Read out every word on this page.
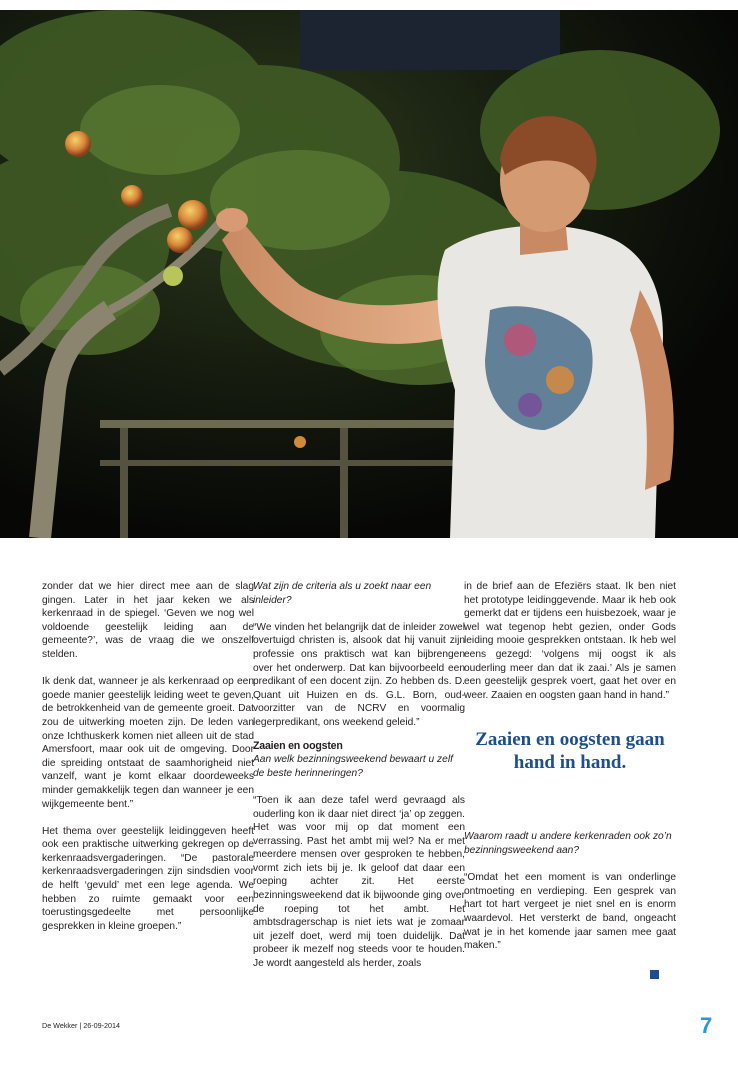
zonder dat we hier direct mee aan de slag gingen. Later in het jaar keken we als kerkenraad in de spiegel. ‘Geven we nog wel voldoende geestelijk leiding aan de gemeente?’, was de vraag die we onszelf stelden.

Ik denk dat, wanneer je als kerkenraad op een goede manier geestelijk leiding weet te geven, de betrokkenheid van de gemeente groeit. Dat zou de uitwerking moeten zijn. De leden van onze Ichthuskerk komen niet alleen uit de stad Amersfoort, maar ook uit de omgeving. Door die spreiding ontstaat de saamhorigheid niet vanzelf, want je komt elkaar doordeweeks minder gemakkelijk tegen dan wanneer je een wijkgemeente bent.”

Het thema over geestelijk leidinggeven heeft ook een praktische uitwerking gekregen op de kerkenraadsvergaderingen. “De pastorale kerkenraadsvergaderingen zijn sindsdien voor de helft ‘gevuld’ met een lege agenda. We hebben zo ruimte gemaakt voor een toerustingsgedeelte met persoonlijke gesprekken in kleine groepen.”

Wat zijn de criteria als u zoekt naar een inleider?

“We vinden het belangrijk dat de inleider zowel overtuigd christen is, alsook dat hij vanuit zijn professie ons praktisch wat kan bijbrengen over het onderwerp. Dat kan bijvoorbeeld een predikant of een docent zijn. Zo hebben ds. D. Quant uit Huizen en ds. G.L. Born, oud-voorzitter van de NCRV en voormalig legerpredikant, ons weekend geleid.”

Zaaien en oogsten

Aan welk bezinningsweekend bewaart u zelf de beste herinneringen?

“Toen ik aan deze tafel werd gevraagd als ouderling kon ik daar niet direct ‘ja’ op zeggen. Het was voor mij op dat moment een verrassing. Past het ambt mij wel? Na er met meerdere mensen over gesproken te hebben, vormt zich iets bij je. Ik geloof dat daar een roeping achter zit. Het eerste bezinningsweekend dat ik bijwoonde ging over de roeping tot het ambt. Het ambtsdragerschap is niet iets wat je zomaar uit jezelf doet, werd mij toen duidelijk. Dat probeer ik mezelf nog steeds voor te houden. Je wordt aangesteld als herder, zoals

in de brief aan de Efeziërs staat. Ik ben niet het prototype leidinggevende. Maar ik heb ook gemerkt dat er tijdens een huisbezoek, waar je wel wat tegenop hebt gezien, onder Gods leiding mooie gesprekken ontstaan. Ik heb wel eens gezegd: ‘volgens mij oogst ik als ouderling meer dan dat ik zaai.’ Als je samen een geestelijk gesprek voert, gaat het over en weer. Zaaien en oogsten gaan hand in hand.”

Zaaien en oogsten gaan hand in hand.

Waarom raadt u andere kerkenraden ook zo’n bezinningsweekend aan?

“Omdat het een moment is van onderlinge ontmoeting en verdieping. Een gesprek van hart tot hart vergeet je niet snel en is enorm waardevol. Het versterkt de band, ongeacht wat je in het komende jaar samen mee gaat maken.”

De Wekker | 26-09-2014	7
